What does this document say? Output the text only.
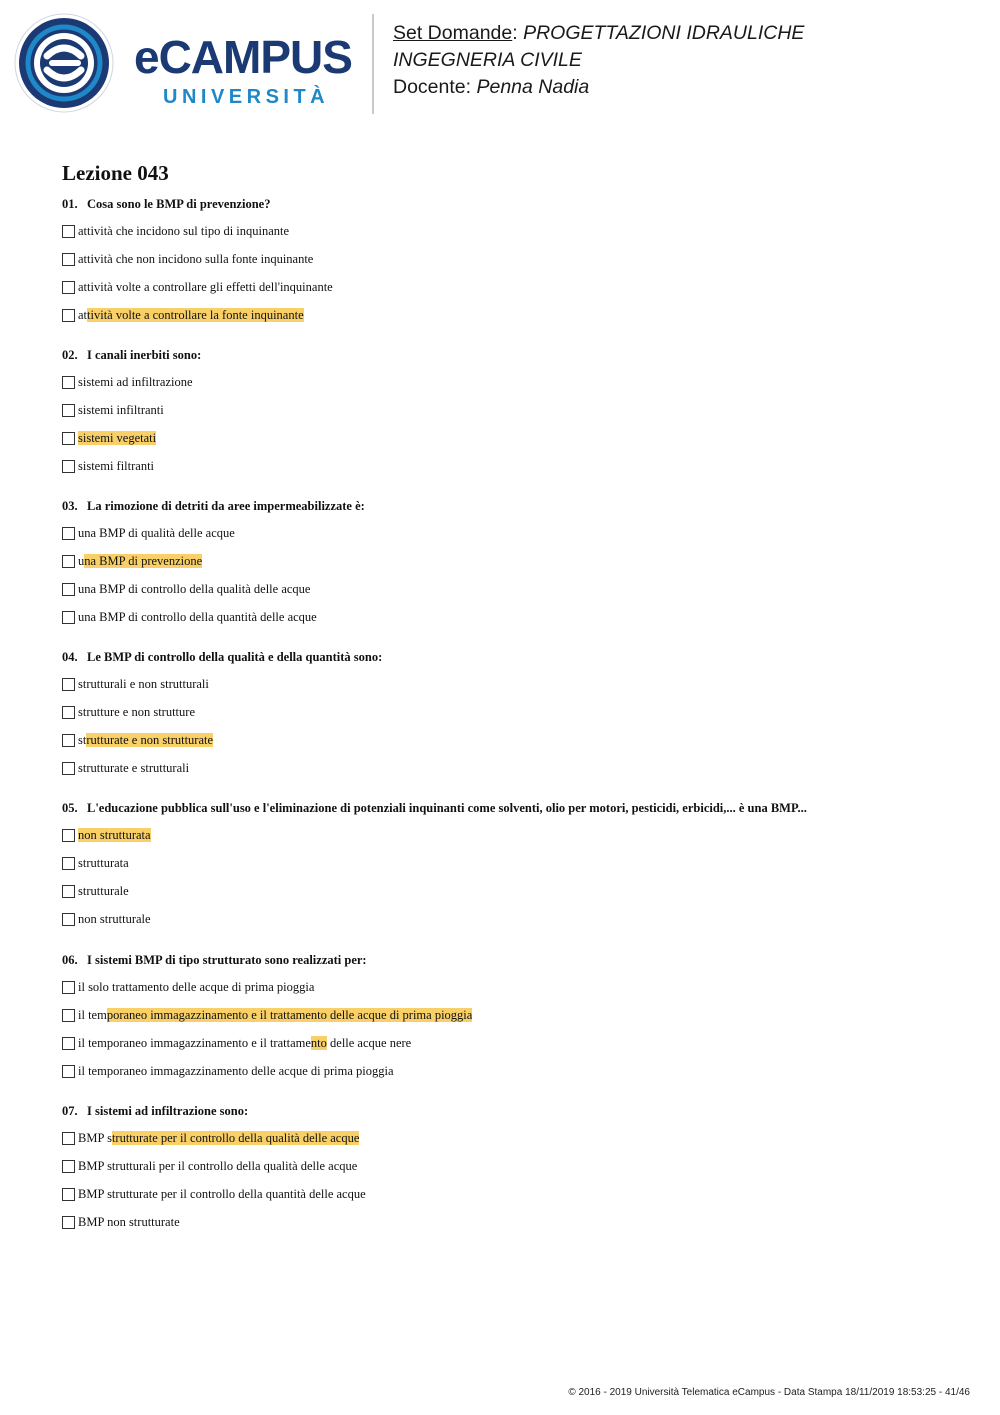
eCAMPUS
UNIVERSITÀ
Set Domande: PROGETTAZIONI IDRAULICHE
INGEGNERIA CIVILE
Docente: Penna Nadia
Lezione 043
01. Cosa sono le BMP di prevenzione?
attività che incidono sul tipo di inquinante
attività che non incidono sulla fonte inquinante
attività volte a controllare gli effetti dell'inquinante
attività volte a controllare la fonte inquinante
02. I canali inerbiti sono:
sistemi ad infiltrazione
sistemi infiltranti
sistemi vegetati
sistemi filtranti
03. La rimozione di detriti da aree impermeabilizzate è:
una BMP di qualità delle acque
una BMP di prevenzione
una BMP di controllo della qualità delle acque
una BMP di controllo della quantità delle acque
04. Le BMP di controllo della qualità e della quantità sono:
strutturali e non strutturali
strutture e non strutture
strutturate e non strutturate
strutturate e strutturali
05. L'educazione pubblica sull'uso e l'eliminazione di potenziali inquinanti come solventi, olio per motori, pesticidi, erbicidi,... è una BMP...
non strutturata
strutturata
strutturale
non strutturale
06. I sistemi BMP di tipo strutturato sono realizzati per:
il solo trattamento delle acque di prima pioggia
il temporaneo immagazzinamento e il trattamento delle acque di prima pioggia
il temporaneo immagazzinamento e il trattamento delle acque nere
il temporaneo immagazzinamento delle acque di prima pioggia
07. I sistemi ad infiltrazione sono:
BMP strutturate per il controllo della qualità delle acque
BMP strutturali per il controllo della qualità delle acque
BMP strutturate per il controllo della quantità delle acque
BMP non strutturate
© 2016 - 2019 Università Telematica eCampus - Data Stampa 18/11/2019 18:53:25 - 41/46
